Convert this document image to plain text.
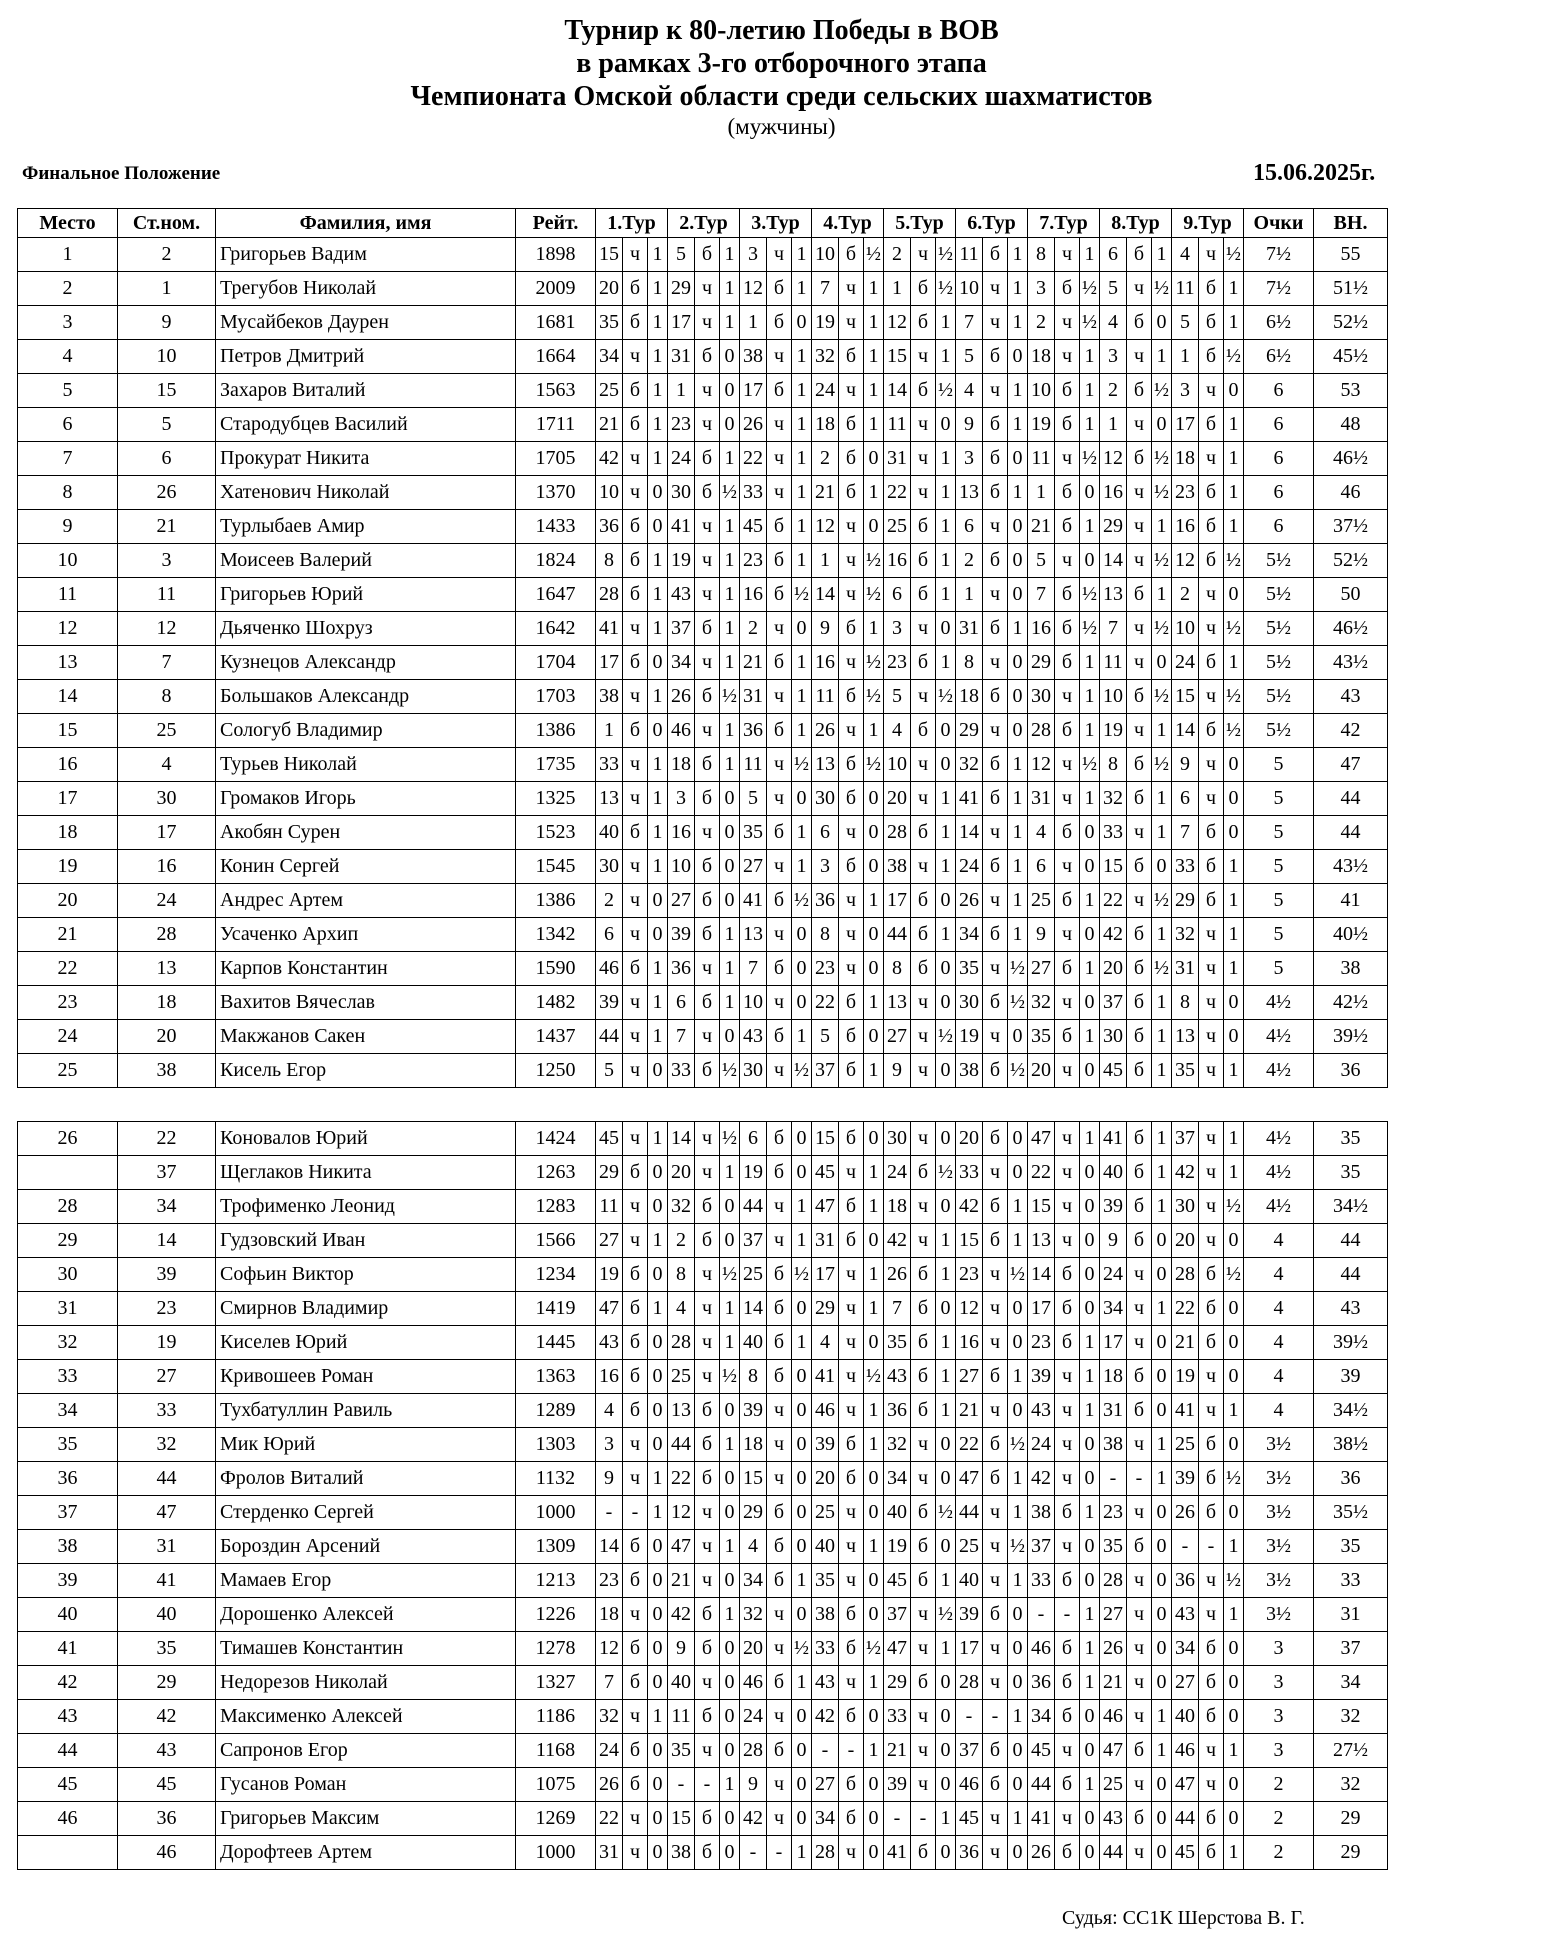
Турнир к 80-летию Победы в ВОВ
в рамках 3-го отборочного этапа
Чемпионата Омской области среди сельских шахматистов
(мужчины)
Финальное Положение	15.06.2025г.
Место	Ст.ном.	Фамилия, имя	Рейт.	1.Тур	2.Тур	3.Тур	4.Тур	5.Тур	6.Тур	7.Тур	8.Тур	9.Тур	Очки	ВН.
1	2	Григорьев Вадим	1898	15	ч	1	5	б	1	3	ч	1	10	б	½	2	ч	½	11	б	1	8	ч	1	6	б	1	4	ч	½	7½	55
2	1	Трегубов Николай	2009	20	б	1	29	ч	1	12	б	1	7	ч	1	1	б	½	10	ч	1	3	б	½	5	ч	½	11	б	1	7½	51½
3	9	Мусайбеков Даурен	1681	35	б	1	17	ч	1	1	б	0	19	ч	1	12	б	1	7	ч	1	2	ч	½	4	б	0	5	б	1	6½	52½
4	10	Петров Дмитрий	1664	34	ч	1	31	б	0	38	ч	1	32	б	1	15	ч	1	5	б	0	18	ч	1	3	ч	1	1	б	½	6½	45½
5	15	Захаров Виталий	1563	25	б	1	1	ч	0	17	б	1	24	ч	1	14	б	½	4	ч	1	10	б	1	2	б	½	3	ч	0	6	53
6	5	Стародубцев Василий	1711	21	б	1	23	ч	0	26	ч	1	18	б	1	11	ч	0	9	б	1	19	б	1	1	ч	0	17	б	1	6	48
7	6	Прокурат Никита	1705	42	ч	1	24	б	1	22	ч	1	2	б	0	31	ч	1	3	б	0	11	ч	½	12	б	½	18	ч	1	6	46½
8	26	Хатенович Николай	1370	10	ч	0	30	б	½	33	ч	1	21	б	1	22	ч	1	13	б	1	1	б	0	16	ч	½	23	б	1	6	46
9	21	Турлыбаев Амир	1433	36	б	0	41	ч	1	45	б	1	12	ч	0	25	б	1	6	ч	0	21	б	1	29	ч	1	16	б	1	6	37½
10	3	Моисеев Валерий	1824	8	б	1	19	ч	1	23	б	1	1	ч	½	16	б	1	2	б	0	5	ч	0	14	ч	½	12	б	½	5½	52½
11	11	Григорьев Юрий	1647	28	б	1	43	ч	1	16	б	½	14	ч	½	6	б	1	1	ч	0	7	б	½	13	б	1	2	ч	0	5½	50
12	12	Дьяченко Шохруз	1642	41	ч	1	37	б	1	2	ч	0	9	б	1	3	ч	0	31	б	1	16	б	½	7	ч	½	10	ч	½	5½	46½
13	7	Кузнецов Александр	1704	17	б	0	34	ч	1	21	б	1	16	ч	½	23	б	1	8	ч	0	29	б	1	11	ч	0	24	б	1	5½	43½
14	8	Большаков Александр	1703	38	ч	1	26	б	½	31	ч	1	11	б	½	5	ч	½	18	б	0	30	ч	1	10	б	½	15	ч	½	5½	43
15	25	Сологуб Владимир	1386	1	б	0	46	ч	1	36	б	1	26	ч	1	4	б	0	29	ч	0	28	б	1	19	ч	1	14	б	½	5½	42
16	4	Турьев Николай	1735	33	ч	1	18	б	1	11	ч	½	13	б	½	10	ч	0	32	б	1	12	ч	½	8	б	½	9	ч	0	5	47
17	30	Громаков Игорь	1325	13	ч	1	3	б	0	5	ч	0	30	б	0	20	ч	1	41	б	1	31	ч	1	32	б	1	6	ч	0	5	44
18	17	Акобян Сурен	1523	40	б	1	16	ч	0	35	б	1	6	ч	0	28	б	1	14	ч	1	4	б	0	33	ч	1	7	б	0	5	44
19	16	Конин Сергей	1545	30	ч	1	10	б	0	27	ч	1	3	б	0	38	ч	1	24	б	1	6	ч	0	15	б	0	33	б	1	5	43½
20	24	Андрес Артем	1386	2	ч	0	27	б	0	41	б	½	36	ч	1	17	б	0	26	ч	1	25	б	1	22	ч	½	29	б	1	5	41
21	28	Усаченко Архип	1342	6	ч	0	39	б	1	13	ч	0	8	ч	0	44	б	1	34	б	1	9	ч	0	42	б	1	32	ч	1	5	40½
22	13	Карпов Константин	1590	46	б	1	36	ч	1	7	б	0	23	ч	0	8	б	0	35	ч	½	27	б	1	20	б	½	31	ч	1	5	38
23	18	Вахитов Вячеслав	1482	39	ч	1	6	б	1	10	ч	0	22	б	1	13	ч	0	30	б	½	32	ч	0	37	б	1	8	ч	0	4½	42½
24	20	Макжанов Сакен	1437	44	ч	1	7	ч	0	43	б	1	5	б	0	27	ч	½	19	ч	0	35	б	1	30	б	1	13	ч	0	4½	39½
25	38	Кисель Егор	1250	5	ч	0	33	б	½	30	ч	½	37	б	1	9	ч	0	38	б	½	20	ч	0	45	б	1	35	ч	1	4½	36
26	22	Коновалов Юрий	1424	45	ч	1	14	ч	½	6	б	0	15	б	0	30	ч	0	20	б	0	47	ч	1	41	б	1	37	ч	1	4½	35
	37	Щеглаков Никита	1263	29	б	0	20	ч	1	19	б	0	45	ч	1	24	б	½	33	ч	0	22	ч	0	40	б	1	42	ч	1	4½	35
28	34	Трофименко Леонид	1283	11	ч	0	32	б	0	44	ч	1	47	б	1	18	ч	0	42	б	1	15	ч	0	39	б	1	30	ч	½	4½	34½
29	14	Гудзовский Иван	1566	27	ч	1	2	б	0	37	ч	1	31	б	0	42	ч	1	15	б	1	13	ч	0	9	б	0	20	ч	0	4	44
30	39	Софьин Виктор	1234	19	б	0	8	ч	½	25	б	½	17	ч	1	26	б	1	23	ч	½	14	б	0	24	ч	0	28	б	½	4	44
31	23	Смирнов Владимир	1419	47	б	1	4	ч	1	14	б	0	29	ч	1	7	б	0	12	ч	0	17	б	0	34	ч	1	22	б	0	4	43
32	19	Киселев Юрий	1445	43	б	0	28	ч	1	40	б	1	4	ч	0	35	б	1	16	ч	0	23	б	1	17	ч	0	21	б	0	4	39½
33	27	Кривошеев Роман	1363	16	б	0	25	ч	½	8	б	0	41	ч	½	43	б	1	27	б	1	39	ч	1	18	б	0	19	ч	0	4	39
34	33	Тухбатуллин Равиль	1289	4	б	0	13	б	0	39	ч	0	46	ч	1	36	б	1	21	ч	0	43	ч	1	31	б	0	41	ч	1	4	34½
35	32	Мик Юрий	1303	3	ч	0	44	б	1	18	ч	0	39	б	1	32	ч	0	22	б	½	24	ч	0	38	ч	1	25	б	0	3½	38½
36	44	Фролов Виталий	1132	9	ч	1	22	б	0	15	ч	0	20	б	0	34	ч	0	47	б	1	42	ч	0	-	-	1	39	б	½	3½	36
37	47	Стерденко Сергей	1000	-	-	1	12	ч	0	29	б	0	25	ч	0	40	б	½	44	ч	1	38	б	1	23	ч	0	26	б	0	3½	35½
38	31	Бороздин Арсений	1309	14	б	0	47	ч	1	4	б	0	40	ч	1	19	б	0	25	ч	½	37	ч	0	35	б	0	-	-	1	3½	35
39	41	Мамаев Егор	1213	23	б	0	21	ч	0	34	б	1	35	ч	0	45	б	1	40	ч	1	33	б	0	28	ч	0	36	ч	½	3½	33
40	40	Дорошенко Алексей	1226	18	ч	0	42	б	1	32	ч	0	38	б	0	37	ч	½	39	б	0	-	-	1	27	ч	0	43	ч	1	3½	31
41	35	Тимашев Константин	1278	12	б	0	9	б	0	20	ч	½	33	б	½	47	ч	1	17	ч	0	46	б	1	26	ч	0	34	б	0	3	37
42	29	Недорезов Николай	1327	7	б	0	40	ч	0	46	б	1	43	ч	1	29	б	0	28	ч	0	36	б	1	21	ч	0	27	б	0	3	34
43	42	Максименко Алексей	1186	32	ч	1	11	б	0	24	ч	0	42	б	0	33	ч	0	-	-	1	34	б	0	46	ч	1	40	б	0	3	32
44	43	Сапронов Егор	1168	24	б	0	35	ч	0	28	б	0	-	-	1	21	ч	0	37	б	0	45	ч	0	47	б	1	46	ч	1	3	27½
45	45	Гусанов Роман	1075	26	б	0	-	-	1	9	ч	0	27	б	0	39	ч	0	46	б	0	44	б	1	25	ч	0	47	ч	0	2	32
46	36	Григорьев Максим	1269	22	ч	0	15	б	0	42	ч	0	34	б	0	-	-	1	45	ч	1	41	ч	0	43	б	0	44	б	0	2	29
	46	Дорофтеев Артем	1000	31	ч	0	38	б	0	-	-	1	28	ч	0	41	б	0	36	ч	0	26	б	0	44	ч	0	45	б	1	2	29
Судья: СС1К Шерстова В. Г.
